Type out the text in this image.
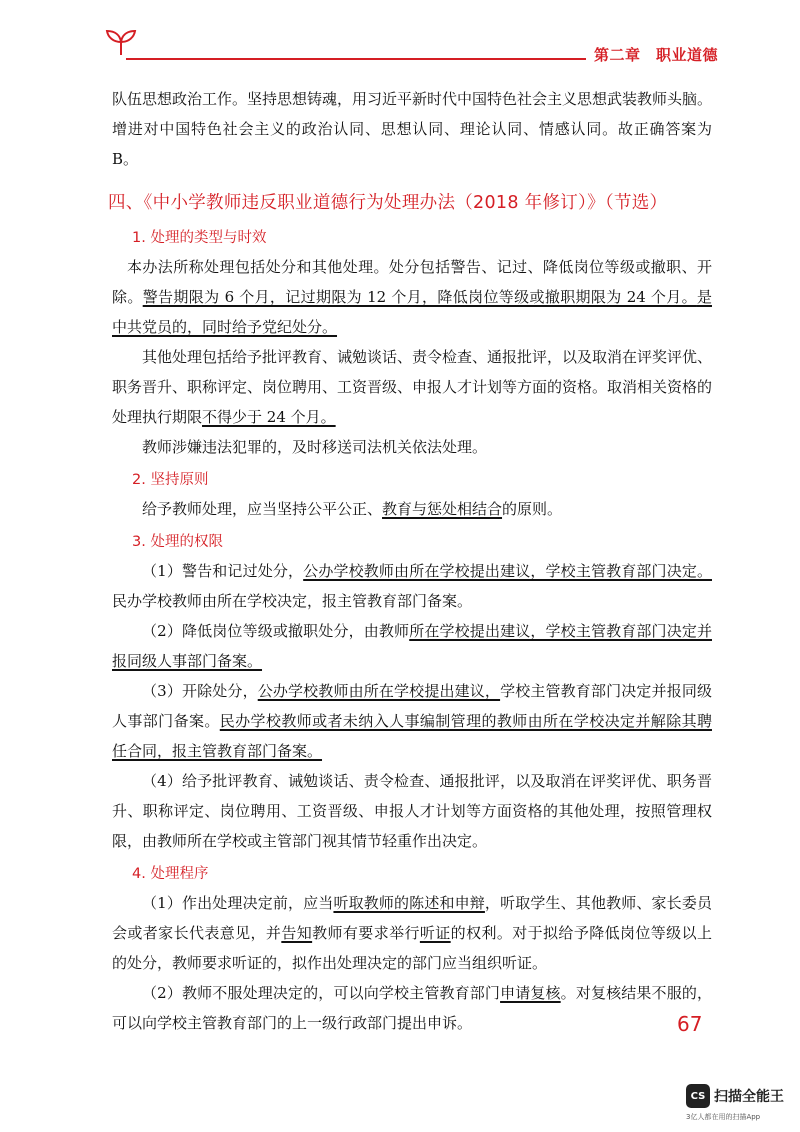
第二章　职业道德

队伍思想政治工作。坚持思想铸魂，用习近平新时代中国特色社会主义思想武装教师头脑。增进对中国特色社会主义的政治认同、思想认同、理论认同、情感认同。故正确答案为 B。

四、《中小学教师违反职业道德行为处理办法（2018 年修订）》（节选）
1. 处理的类型与时效

本办法所称处理包括处分和其他处理。处分包括警告、记过、降低岗位等级或撤职、开除。警告期限为 6 个月，记过期限为 12 个月，降低岗位等级或撤职期限为 24 个月。是中共党员的，同时给予党纪处分。

其他处理包括给予批评教育、诫勉谈话、责令检查、通报批评，以及取消在评奖评优、职务晋升、职称评定、岗位聘用、工资晋级、申报人才计划等方面的资格。取消相关资格的处理执行期限不得少于 24 个月。

教师涉嫌违法犯罪的，及时移送司法机关依法处理。

2. 坚持原则

给予教师处理，应当坚持公平公正、教育与惩处相结合的原则。

3. 处理的权限

（1）警告和记过处分，公办学校教师由所在学校提出建议，学校主管教育部门决定。民办学校教师由所在学校决定，报主管教育部门备案。

（2）降低岗位等级或撤职处分，由教师所在学校提出建议，学校主管教育部门决定并报同级人事部门备案。

（3）开除处分，公办学校教师由所在学校提出建议，学校主管教育部门决定并报同级人事部门备案。民办学校教师或者未纳入人事编制管理的教师由所在学校决定并解除其聘任合同，报主管教育部门备案。

（4）给予批评教育、诫勉谈话、责令检查、通报批评，以及取消在评奖评优、职务晋升、职称评定、岗位聘用、工资晋级、申报人才计划等方面资格的其他处理，按照管理权限，由教师所在学校或主管部门视其情节轻重作出决定。

4. 处理程序

（1）作出处理决定前，应当听取教师的陈述和申辩，听取学生、其他教师、家长委员会或者家长代表意见，并告知教师有要求举行听证的权利。对于拟给予降低岗位等级以上的处分，教师要求听证的，拟作出处理决定的部门应当组织听证。

（2）教师不服处理决定的，可以向学校主管教育部门申请复核。对复核结果不服的，可以向学校主管教育部门的上一级行政部门提出申诉。	67
CS 扫描全能王
3亿人都在用的扫描App
